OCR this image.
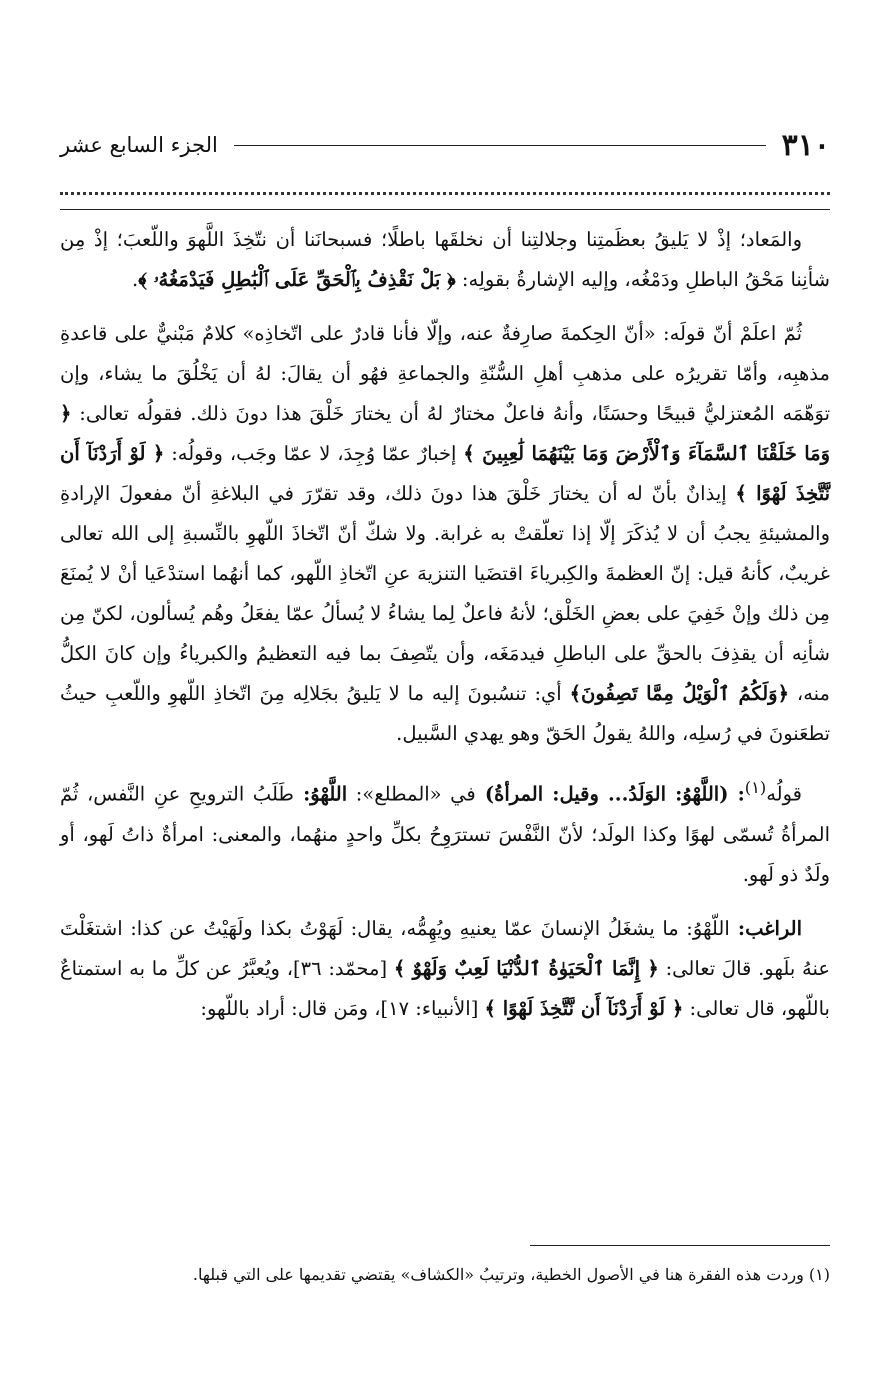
٣١٠
الجزء السابع عشر

والمَعاد؛ إذْ لا يَليقُ بعظَمتِنا وجلالتِنا أن نخلقَها باطلًا؛ فسبحانَنا أن نتّخِذَ اللَّهوَ واللّعبَ؛ إذْ مِن شأنِنا مَحْقُ الباطلِ ودَمْغُه، وإليه الإشارةُ بقولِه: ﴿ بَلْ نَقْذِفُ بِٱلْحَقِّ عَلَى ٱلْبَٰطِلِ فَيَدْمَغُهُۥ ﴾.

ثُمّ اعلَمْ أنّ قولَه: «أنّ الحِكمةَ صارِفةٌ عنه، وإلّا فأنا قادرٌ على اتّخاذِه» كلامٌ مَبْنيٌّ على قاعدةِ مذهبِه، وأمّا تقريرُه على مذهبِ أهلِ السُّنّةِ والجماعةِ فهُو أن يقالَ: لهُ أن يَخْلُقَ ما يشاء، وإن توَهّمَه المُعتزليُّ قبيحًا وحسَنًا، وأنهُ فاعلٌ مختارٌ لهُ أن يختارَ خَلْقَ هذا دونَ ذلك. فقولُه تعالى: ﴿ وَمَا خَلَقْنَا ٱلسَّمَآءَ وَٱلْأَرْضَ وَمَا بَيْنَهُمَا لَٰعِبِينَ ﴾ إخبارٌ عمّا وُجِدَ، لا عمّا وجَب، وقولُه: ﴿ لَوْ أَرَدْنَآ أَن نَّتَّخِذَ لَهْوًا ﴾ إيذانٌ بأنّ له أن يختارَ خَلْقَ هذا دونَ ذلك، وقد تقرّرَ في البلاغةِ أنّ مفعولَ الإرادةِ والمشيئةِ يجبُ أن لا يُذكَرَ إلّا إذا تعلّقتْ به غرابة. ولا شكّ أنّ اتّخاذَ اللّهوِ بالنِّسبةِ إلى الله تعالى غريبٌ، كأنهُ قيل: إنّ العظمةَ والكِبرياءَ اقتضَيا التنزيهَ عنِ اتّخاذِ اللّهو، كما أنهُما استدْعَيا أنْ لا يُمنَعَ مِن ذلك وإنْ خَفِيَ على بعضِ الخَلْق؛ لأنهُ فاعلٌ لِما يشاءُ لا يُسألُ عمّا يفعَلُ وهُم يُسألون، لكنّ مِن شأنِه أن يقذِفَ بالحقِّ على الباطلِ فيدمَغَه، وأن يتّصِفَ بما فيه التعظيمُ والكبرياءُ وإن كانَ الكلُّ منه، ﴿وَلَكُمُ ٱلْوَيْلُ مِمَّا تَصِفُونَ﴾ أي: تنسُبونَ إليه ما لا يَليقُ بجَلالِه مِنَ اتّخاذِ اللّهوِ واللّعبِ حيثُ تطعَنونَ في رُسلِه، واللهُ يقولُ الحَقّ وهو يهدي السَّبيل.

قولُه$^{(١)}$: (اللَّهْوُ: الوَلَدُ... وقيل: المرأةُ) في «المطلع»: اللَّهْوُ: طَلَبُ الترويحِ عنِ النَّفس، ثُمّ المرأةُ تُسمّى لهوًا وكذا الولَد؛ لأنّ النَّفْسَ تسترَوِحُ بكلِّ واحدٍ منهُما، والمعنى: امرأةٌ ذاتُ لَهو، أو ولَدٌ ذو لَهو.

الراغب: اللّهْوُ: ما يشغَلُ الإنسانَ عمّا يعنيهِ ويُهِمُّه، يقال: لَهَوْتُ بكذا ولَهَيْتُ عن كذا: اشتغَلْتَ عنهُ بلَهو. قالَ تعالى: ﴿ إِنَّمَا ٱلْحَيَوٰةُ ٱلدُّنْيَا لَعِبٌ وَلَهْوٌ ﴾ [محمّد: ٣٦]، ويُعبَّرُ عن كلِّ ما به استمتاعٌ باللّهو، قال تعالى: ﴿ لَوْ أَرَدْنَآ أَن نَّتَّخِذَ لَهْوًا ﴾ [الأنبياء: ١٧]، ومَن قال: أراد باللّهو:

(١) وردت هذه الفقرة هنا في الأصول الخطية، وترتيبُ «الكشاف» يقتضي تقديمها على التي قبلها.
